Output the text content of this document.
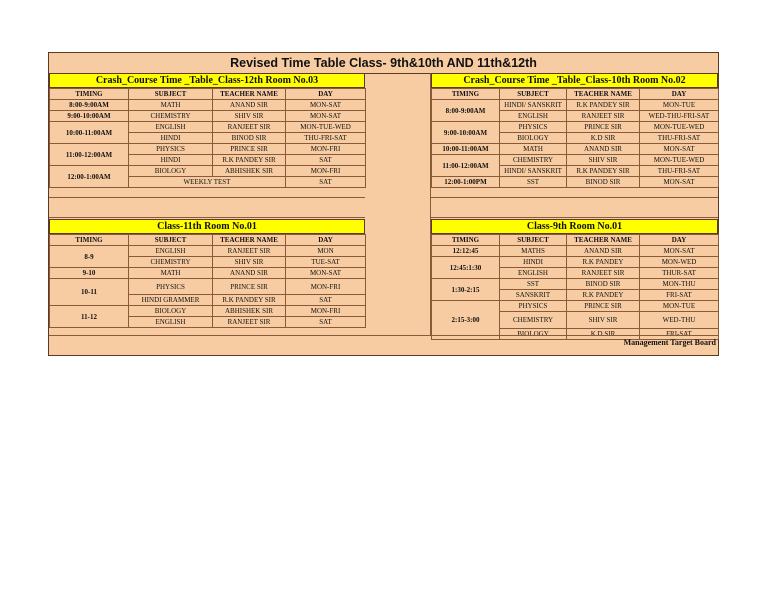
Revised Time Table Class- 9th&10th AND 11th&12th
Crash_Course Time _Table_Class-12th Room No.03
TIMING	SUBJECT	TEACHER NAME	DAY
8:00-9:00AM	MATH	ANAND SIR	MON-SAT
9:00-10:00AM	CHEMISTRY	SHIV SIR	MON-SAT
10:00-11:00AM	ENGLISH	RANJEET SIR	MON-TUE-WED
	HINDI	BINOD SIR	THU-FRI-SAT
11:00-12:00AM	PHYSICS	PRINCE SIR	MON-FRI
	HINDI	R.K PANDEY SIR	SAT
12:00-1:00AM	BIOLOGY	ABHISHEK SIR	MON-FRI
	WEEKLY TEST		SAT
Crash_Course Time _Table_Class-10th Room No.02
TIMING	SUBJECT	TEACHER NAME	DAY
8:00-9:00AM	HINDI/ SANSKRIT	R.K PANDEY SIR	MON-TUE
	ENGLISH	RANJEET SIR	WED-THU-FRI-SAT
9:00-10:00AM	PHYSICS	PRINCE SIR	MON-TUE-WED
	BIOLOGY	K.D SIR	THU-FRI-SAT
10:00-11:00AM	MATH	ANAND SIR	MON-SAT
11:00-12:00AM	CHEMISTRY	SHIV SIR	MON-TUE-WED
	HINDI/ SANSKRIT	R.K PANDEY SIR	THU-FRI-SAT
12:00-1:00PM	SST	BINOD SIR	MON-SAT
Class-11th Room No.01
TIMING	SUBJECT	TEACHER NAME	DAY
8-9	ENGLISH	RANJEET SIR	MON
	CHEMISTRY	SHIV SIR	TUE-SAT
9-10	MATH	ANAND SIR	MON-SAT
10-11	PHYSICS	PRINCE SIR	MON-FRI
	HINDI GRAMMER	R.K PANDEY SIR	SAT
11-12	BIOLOGY	ABHISHEK SIR	MON-FRI
	ENGLISH	RANJEET SIR	SAT
Class-9th Room No.01
TIMING	SUBJECT	TEACHER NAME	DAY
12:12:45	MATHS	ANAND SIR	MON-SAT
12:45:1:30	HINDI	R.K PANDEY	MON-WED
	ENGLISH	RANJEET SIR	THUR-SAT
1:30-2:15	SST	BINOD SIR	MON-THU
	SANSKRIT	R.K PANDEY	FRI-SAT
2:15-3:00	PHYSICS	PRINCE SIR	MON-TUE
	CHEMISTRY	SHIV SIR	WED-THU
	BIOLOGY	K.D SIR	FRI-SAT
Management Target Board
